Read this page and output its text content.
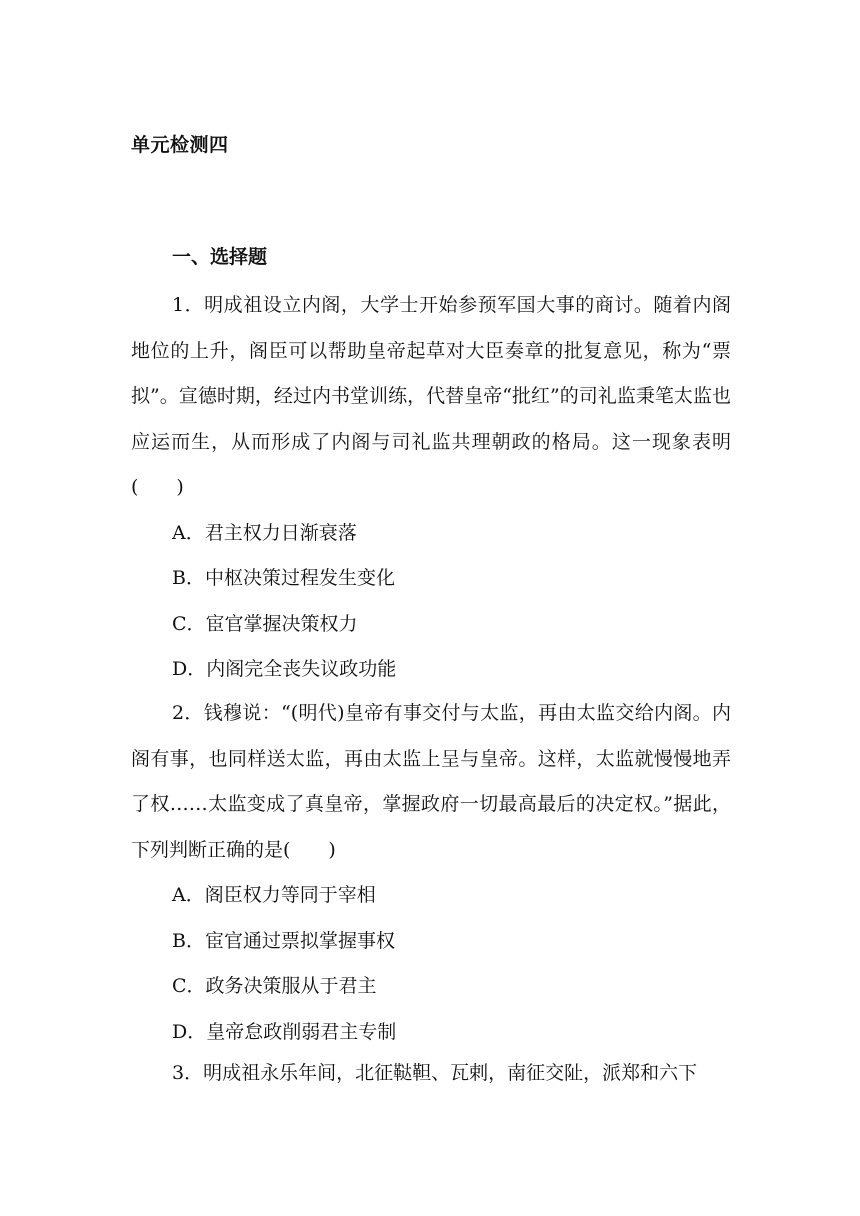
单元检测四
一、选择题

1．明成祖设立内阁，大学士开始参预军国大事的商讨。随着内阁地位的上升，阁臣可以帮助皇帝起草对大臣奏章的批复意见，称为“票拟”。宣德时期，经过内书堂训练，代替皇帝“批红”的司礼监秉笔太监也应运而生，从而形成了内阁与司礼监共理朝政的格局。这一现象表明(　　)

A．君主权力日渐衰落
B．中枢决策过程发生变化
C．宦官掌握决策权力
D．内阁完全丧失议政功能

2．钱穆说：“(明代)皇帝有事交付与太监，再由太监交给内阁。内阁有事，也同样送太监，再由太监上呈与皇帝。这样，太监就慢慢地弄了权……太监变成了真皇帝，掌握政府一切最高最后的决定权。”据此，下列判断正确的是(　　)

A．阁臣权力等同于宰相
B．宦官通过票拟掌握事权
C．政务决策服从于君主
D．皇帝怠政削弱君主专制

3．明成祖永乐年间，北征鞑靼、瓦剌，南征交阯，派郑和六下
